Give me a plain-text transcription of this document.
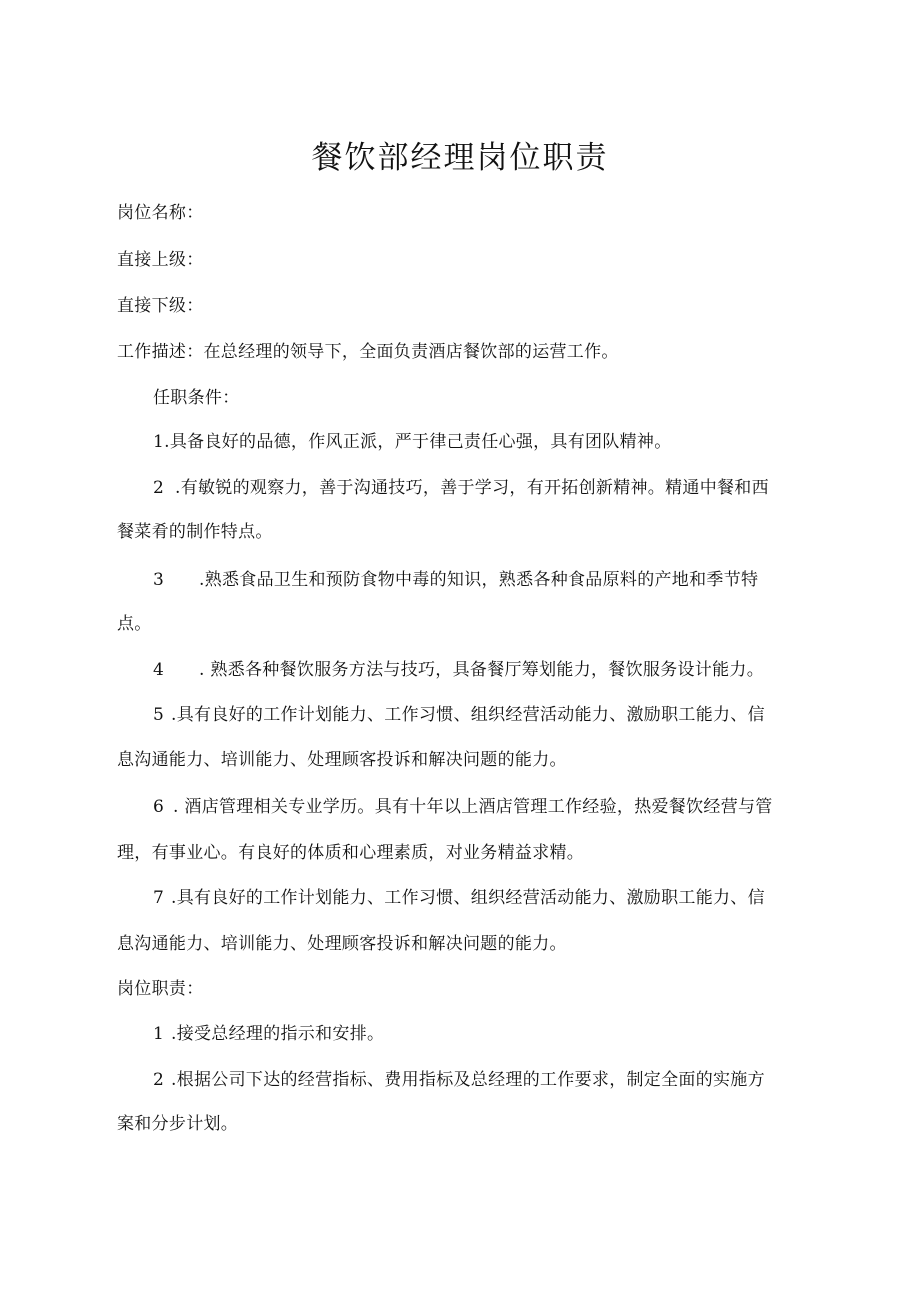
餐饮部经理岗位职责
岗位名称：
直接上级：
直接下级：
工作描述：在总经理的领导下，全面负责酒店餐饮部的运营工作。
任职条件：
1.具备良好的品德，作风正派，严于律己责任心强，具有团队精神。
2 .有敏锐的观察力，善于沟通技巧，善于学习，有开拓创新精神。精通中餐和西
餐菜肴的制作特点。
3 .熟悉食品卫生和预防食物中毒的知识，熟悉各种食品原料的产地和季节特
点。
4 . 熟悉各种餐饮服务方法与技巧，具备餐厅筹划能力，餐饮服务设计能力。
5 .具有良好的工作计划能力、工作习惯、组织经营活动能力、激励职工能力、信
息沟通能力、培训能力、处理顾客投诉和解决问题的能力。
6 . 酒店管理相关专业学历。具有十年以上酒店管理工作经验，热爱餐饮经营与管
理，有事业心。有良好的体质和心理素质，对业务精益求精。
7 .具有良好的工作计划能力、工作习惯、组织经营活动能力、激励职工能力、信
息沟通能力、培训能力、处理顾客投诉和解决问题的能力。
岗位职责：
1 .接受总经理的指示和安排。
2 .根据公司下达的经营指标、费用指标及总经理的工作要求，制定全面的实施方
案和分步计划。
